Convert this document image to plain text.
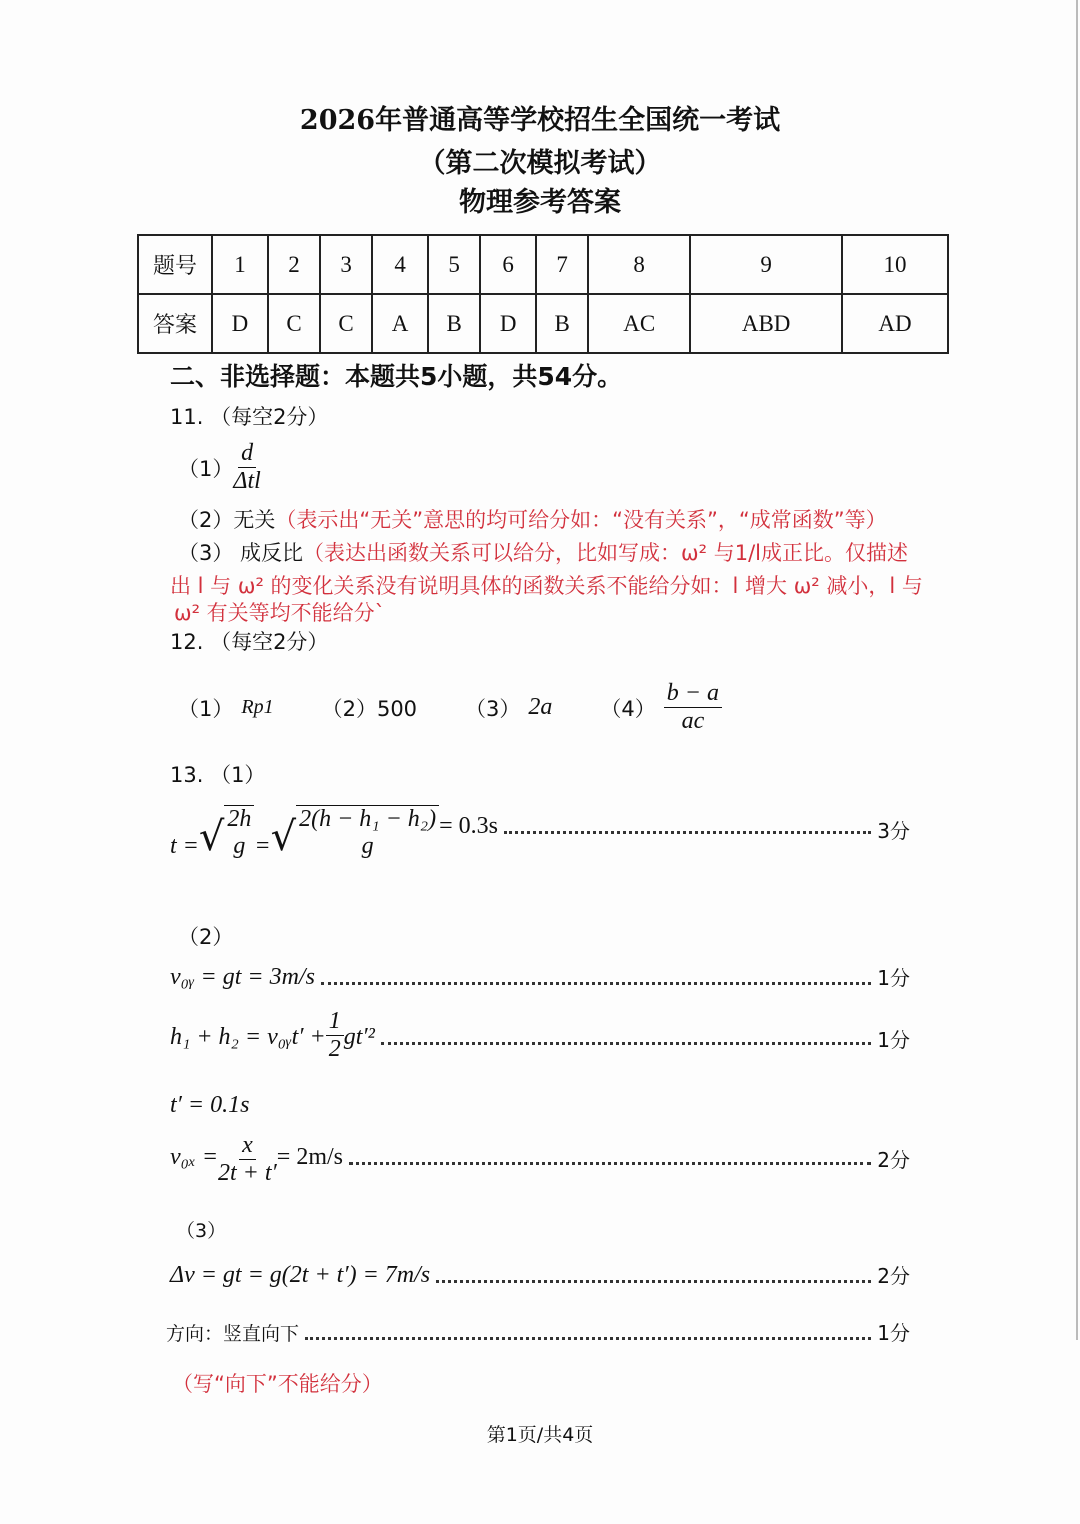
2026年普通高等学校招生全国统一考试
（第二次模拟考试）
物理参考答案
题号	1	2	3	4	5	6	7	8	9	10
答案	D	C	C	A	B	D	B	AC	ABD	AD
二、非选择题：本题共5小题，共54分。
11. （每空2分）
$(1) \frac{d}{\text{Δtl}}$
（2）无关（表示出“无关”意思的均可给分如：“没有关系”，“成常函数”等）
（3） 成反比（表达出函数关系可以给分，比如写成：ω² 与1/l成正比。仅描述
出 l 与 ω² 的变化关系没有说明具体的函数关系不能给分如：l 增大 ω² 减小，l 与
ω² 有关等均不能给分`
12. （每空2分）
（1） Rp1 （2）500 （3） 2a $(4) \frac{b - a}{ac}$
13. （1）
t = √ 2h
g = √ 2(h − h₁ − h₂)
g
= 0.3s	3分
（2）
v₀ᵧ = gt = 3m/s	1分
h₁ + h₂ = v₀ᵧt′ + $\frac{1}{2} gt'^2$	1分
t′ = 0.1s
$v_{0x} = \frac{x}{2t + t'} = 2m/s$	2分
（3）
Δv = gt = g(2t + t′) = 7m/s	2分
方向：竖直向下	1分
（写“向下”不能给分）
第1页/共4页
